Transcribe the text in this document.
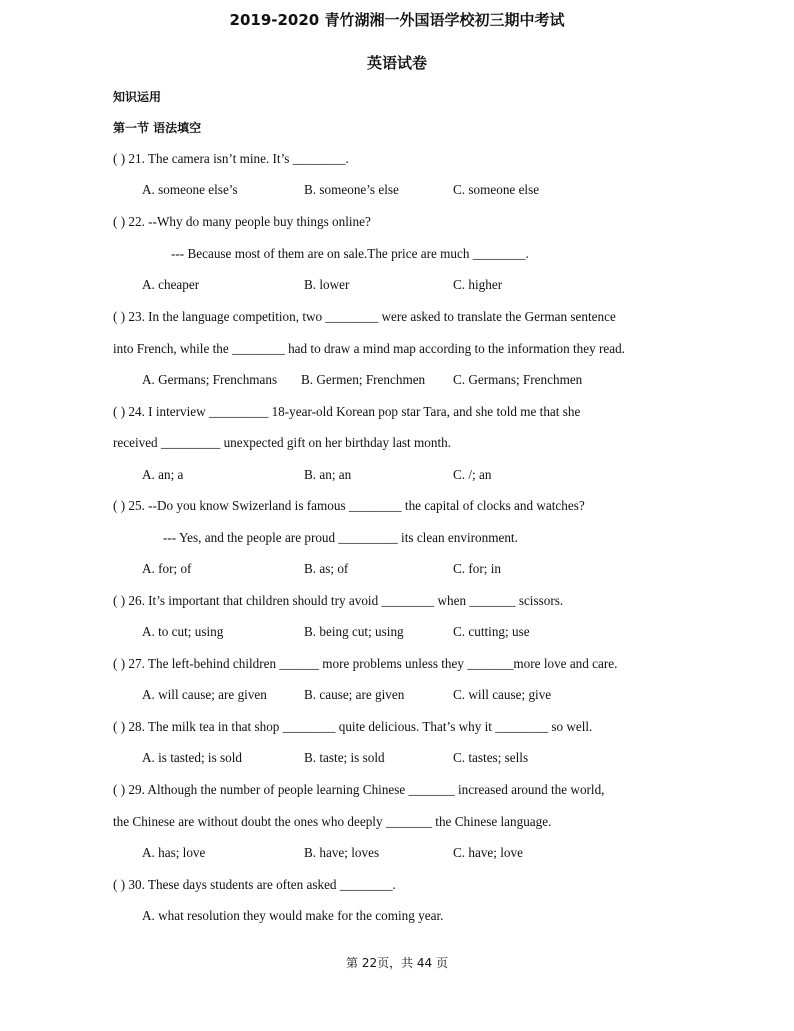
2019-2020 青竹湖湘一外国语学校初三期中考试
英语试卷
知识运用
第一节 语法填空
( ) 21. The camera isn’t mine. It’s ________.
A. someone else’s	B. someone’s else	C. someone else
( ) 22. --Why do many people buy things online?
--- Because most of them are on sale.The price are much ________.
A. cheaper	B. lower	C. higher
( ) 23. In the language competition, two ________ were asked to translate the German sentence
into French, while the ________ had to draw a mind map according to the information they read.
A. Germans; Frenchmans B. Germen; Frenchmen C. Germans; Frenchmen
( ) 24. I interview _________ 18-year-old Korean pop star Tara, and she told me that she
received _________ unexpected gift on her birthday last month.
A. an; a	B. an; an	C. /; an
( ) 25. --Do you know Swizerland is famous ________ the capital of clocks and watches?
--- Yes, and the people are proud _________ its clean environment.
A. for; of	B. as; of	C. for; in
( ) 26. It’s important that children should try avoid ________ when _______ scissors.
A. to cut; using	B. being cut; using	C. cutting; use
( ) 27. The left-behind children ______ more problems unless they _______more love and care.
A. will cause; are given	B. cause; are given	C. will cause; give
( ) 28. The milk tea in that shop ________ quite delicious. That’s why it ________ so well.
A. is tasted; is sold	B. taste; is sold	C. tastes; sells
( ) 29. Although the number of people learning Chinese _______ increased around the world,
the Chinese are without doubt the ones who deeply _______ the Chinese language.
A. has; love	B. have; loves	C. have; love
( ) 30. These days students are often asked ________.
A. what resolution they would make for the coming year.
第 22页，共 44 页
